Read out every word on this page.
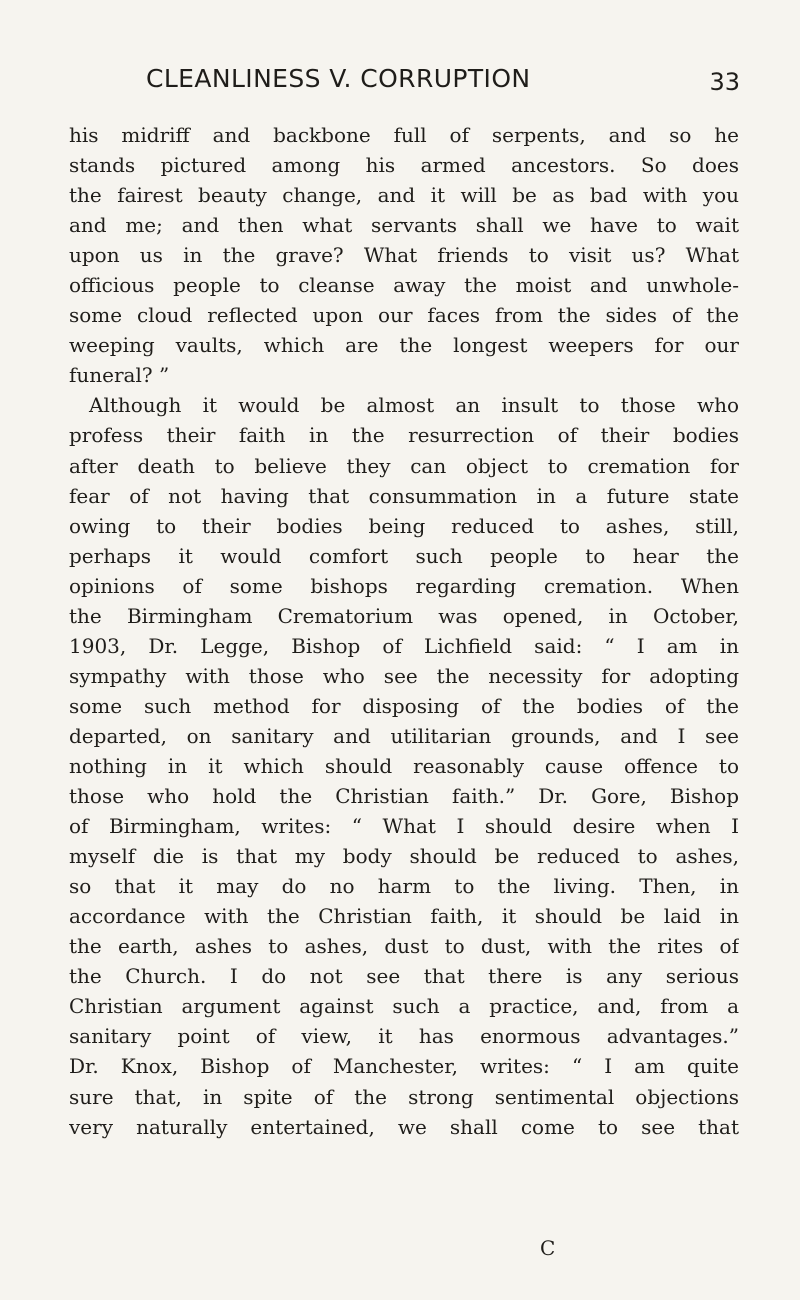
CLEANLINESS V. CORRUPTION	33
his midriff and backbone full of serpents, and so he
stands pictured among his armed ancestors. So does
the fairest beauty change, and it will be as bad with you
and me; and then what servants shall we have to wait
upon us in the grave? What friends to visit us? What
officious people to cleanse away the moist and unwhole-
some cloud reflected upon our faces from the sides of the
weeping vaults, which are the longest weepers for our
funeral? ”
Although it would be almost an insult to those who
profess their faith in the resurrection of their bodies
after death to believe they can object to cremation for
fear of not having that consummation in a future state
owing to their bodies being reduced to ashes, still,
perhaps it would comfort such people to hear the
opinions of some bishops regarding cremation. When
the Birmingham Crematorium was opened, in October,
1903, Dr. Legge, Bishop of Lichfield said: “ I am in
sympathy with those who see the necessity for adopting
some such method for disposing of the bodies of the
departed, on sanitary and utilitarian grounds, and I see
nothing in it which should reasonably cause offence to
those who hold the Christian faith.” Dr. Gore, Bishop
of Birmingham, writes: “ What I should desire when I
myself die is that my body should be reduced to ashes,
so that it may do no harm to the living. Then, in
accordance with the Christian faith, it should be laid in
the earth, ashes to ashes, dust to dust, with the rites of
the Church. I do not see that there is any serious
Christian argument against such a practice, and, from a
sanitary point of view, it has enormous advantages.”
Dr. Knox, Bishop of Manchester, writes: “ I am quite
sure that, in spite of the strong sentimental objections
very naturally entertained, we shall come to see that
C
